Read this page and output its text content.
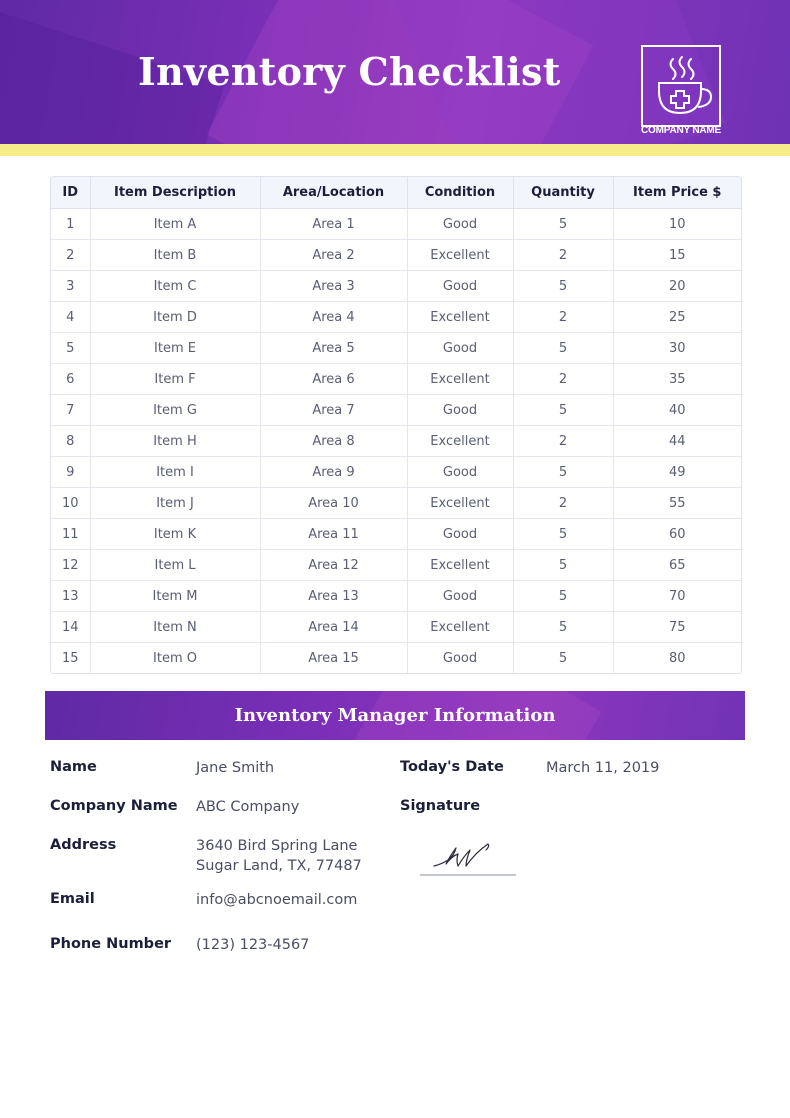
Inventory Checklist
COMPANY NAME
ID	Item Description	Area/Location	Condition	Quantity	Item Price $
1	Item A	Area 1	Good	5	10
2	Item B	Area 2	Excellent	2	15
3	Item C	Area 3	Good	5	20
4	Item D	Area 4	Excellent	2	25
5	Item E	Area 5	Good	5	30
6	Item F	Area 6	Excellent	2	35
7	Item G	Area 7	Good	5	40
8	Item H	Area 8	Excellent	2	44
9	Item I	Area 9	Good	5	49
10	Item J	Area 10	Excellent	2	55
11	Item K	Area 11	Good	5	60
12	Item L	Area 12	Excellent	5	65
13	Item M	Area 13	Good	5	70
14	Item N	Area 14	Excellent	5	75
15	Item O	Area 15	Good	5	80
Inventory Manager Information
Name	Jane Smith
Company Name ABC Company
Address	3640 Bird Spring Lane
Sugar Land, TX, 77487
Email	info@abcnoemail.com
Phone Number (123) 123-4567
Today's Date	March 11, 2019
Signature
